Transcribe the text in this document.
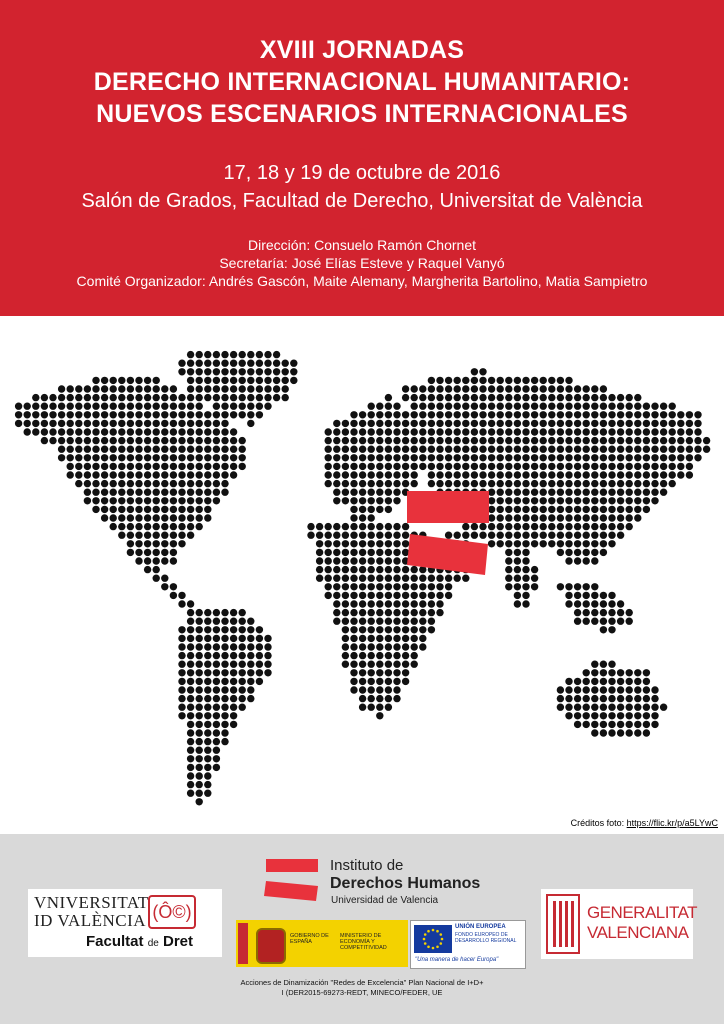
XVIII JORNADAS
DERECHO INTERNACIONAL HUMANITARIO:
NUEVOS ESCENARIOS INTERNACIONALES
17, 18 y 19 de octubre de 2016
Salón de Grados, Facultad de Derecho, Universitat de València
Dirección: Consuelo Ramón Chornet
Secretaría: José Elías Esteve y Raquel Vanyó
Comité Organizador: Andrés Gascón, Maite Alemany, Margherita Bartolino, Matia Sampietro
Créditos foto: https://flic.kr/p/a5LYwC
VNIVERSITAT
ID VALÈNCIA (Ô©)
Facultat de Dret
Instituto de
Derechos Humanos
Universidad de Valencia
GOBIERNO DE ESPAÑA
MINISTERIO DE ECONOMÍA Y COMPETITIVIDAD
UNIÓN EUROPEA
FONDO EUROPEO DE DESARROLLO REGIONAL
"Una manera de hacer Europa"
GENERALITAT
VALENCIANA
Acciones de Dinamización "Redes de Excelencia" Plan Nacional de I+D+
I (DER2015-69273-REDT, MINECO/FEDER, UE
